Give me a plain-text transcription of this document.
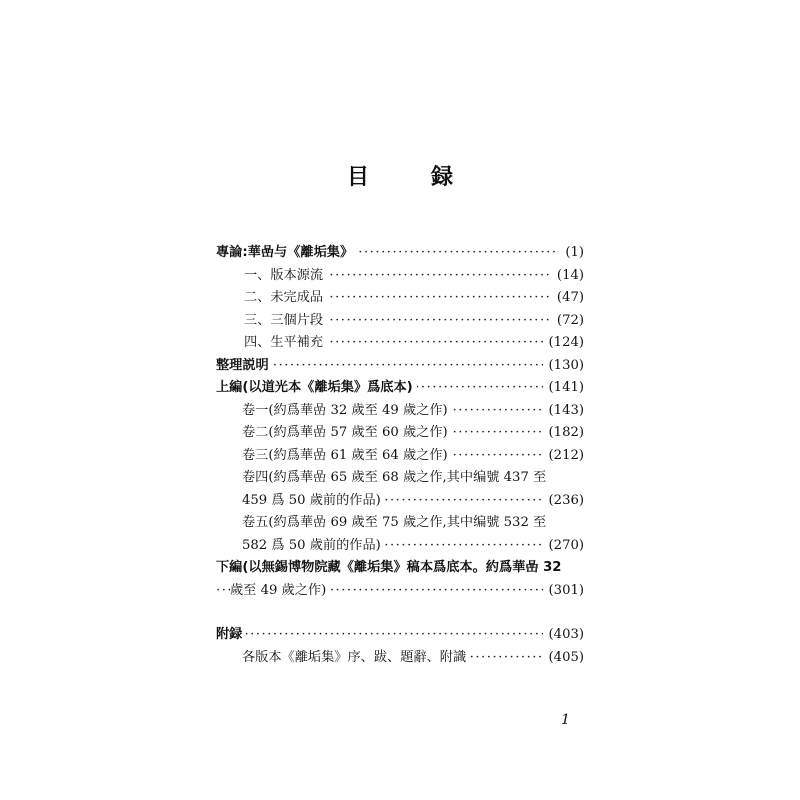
目　録
·····
專論:華嵒与《離垢集》	(1)
·····
一、版本源流	(14)
·····
二、未完成品	(47)
·····
三、三個片段	(72)
·····
四、生平補充	(124)
·····
整理説明	(130)
·····
上編(以道光本《離垢集》爲底本)	(141)
·····
卷一(約爲華嵒 32 歲至 49 歲之作)	(143)
·····
卷二(約爲華嵒 57 歲至 60 歲之作)	(182)
·····
卷三(約爲華嵒 61 歲至 64 歲之作)	(212)
卷四(約爲華嵒 65 歲至 68 歲之作,其中编號 437 至
·····
459 爲 50 歲前的作品)	(236)
卷五(約爲華嵒 69 歲至 75 歲之作,其中编號 532 至
·····
582 爲 50 歲前的作品)	(270)
下編(以無錫博物院藏《離垢集》稿本爲底本。約爲華嵒 32
·····
歲至 49 歲之作)	(301)
·····
附録	(403)
·····
各版本《離垢集》序、跋、題辭、附識	(405)
1
